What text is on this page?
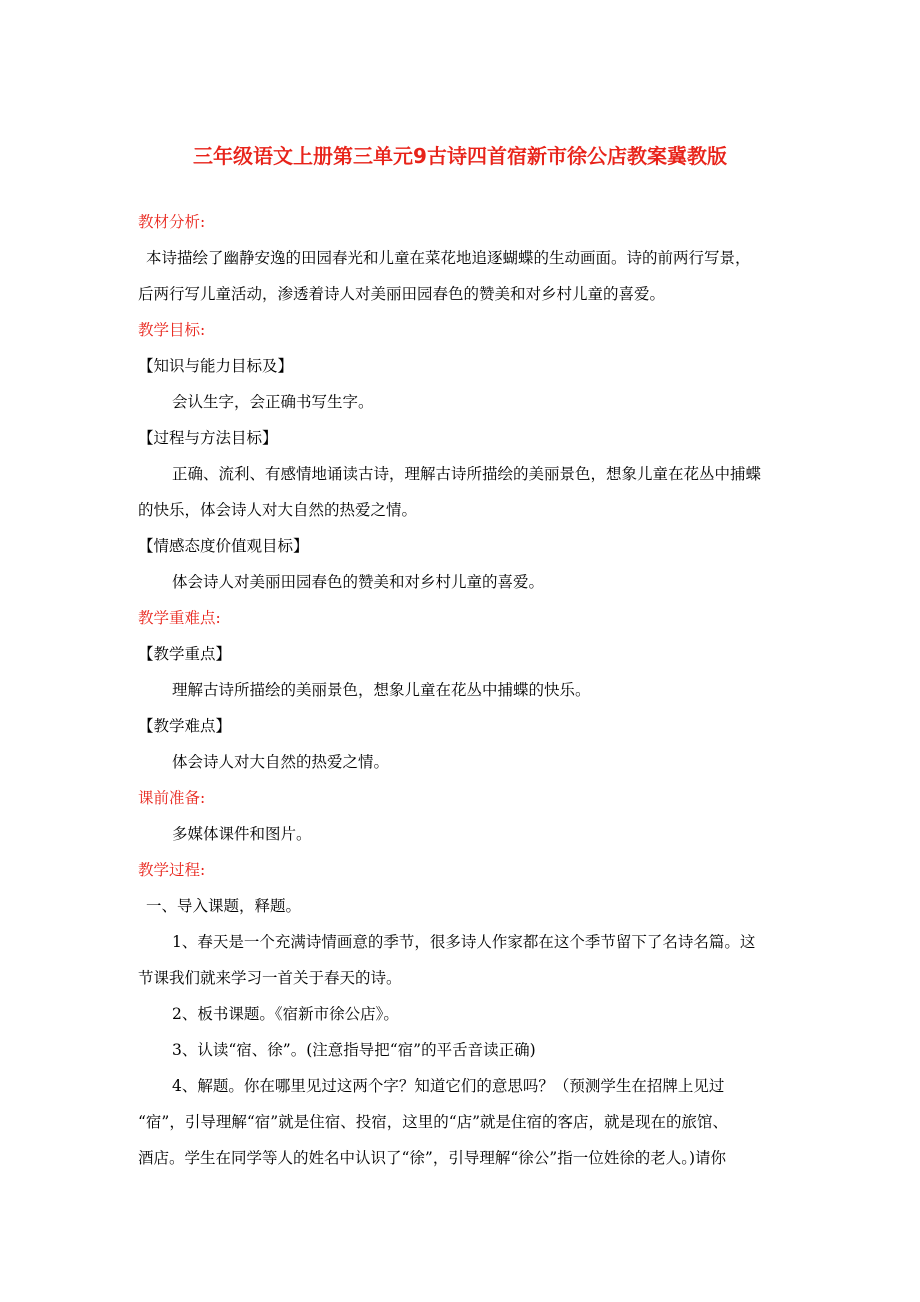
三年级语文上册第三单元9古诗四首宿新市徐公店教案冀教版

教材分析:

本诗描绘了幽静安逸的田园春光和儿童在菜花地追逐蝴蝶的生动画面。诗的前两行写景，

后两行写儿童活动，渗透着诗人对美丽田园春色的赞美和对乡村儿童的喜爱。

教学目标:

【知识与能力目标及】

会认生字，会正确书写生字。

【过程与方法目标】

正确、流利、有感情地诵读古诗，理解古诗所描绘的美丽景色，想象儿童在花丛中捕蝶

的快乐，体会诗人对大自然的热爱之情。

【情感态度价值观目标】

体会诗人对美丽田园春色的赞美和对乡村儿童的喜爱。

教学重难点:

【教学重点】

理解古诗所描绘的美丽景色，想象儿童在花丛中捕蝶的快乐。

【教学难点】

体会诗人对大自然的热爱之情。

课前准备:

多媒体课件和图片。

教学过程:

一、导入课题，释题。

1、春天是一个充满诗情画意的季节，很多诗人作家都在这个季节留下了名诗名篇。这

节课我们就来学习一首关于春天的诗。

2、板书课题。《宿新市徐公店》。

3、认读“宿、徐”。(注意指导把“宿”的平舌音读正确)

4、解题。你在哪里见过这两个字？知道它们的意思吗？（预测学生在招牌上见过

“宿”，引导理解“宿”就是住宿、投宿，这里的“店”就是住宿的客店，就是现在的旅馆、

酒店。学生在同学等人的姓名中认识了“徐”，引导理解“徐公”指一位姓徐的老人。)请你
